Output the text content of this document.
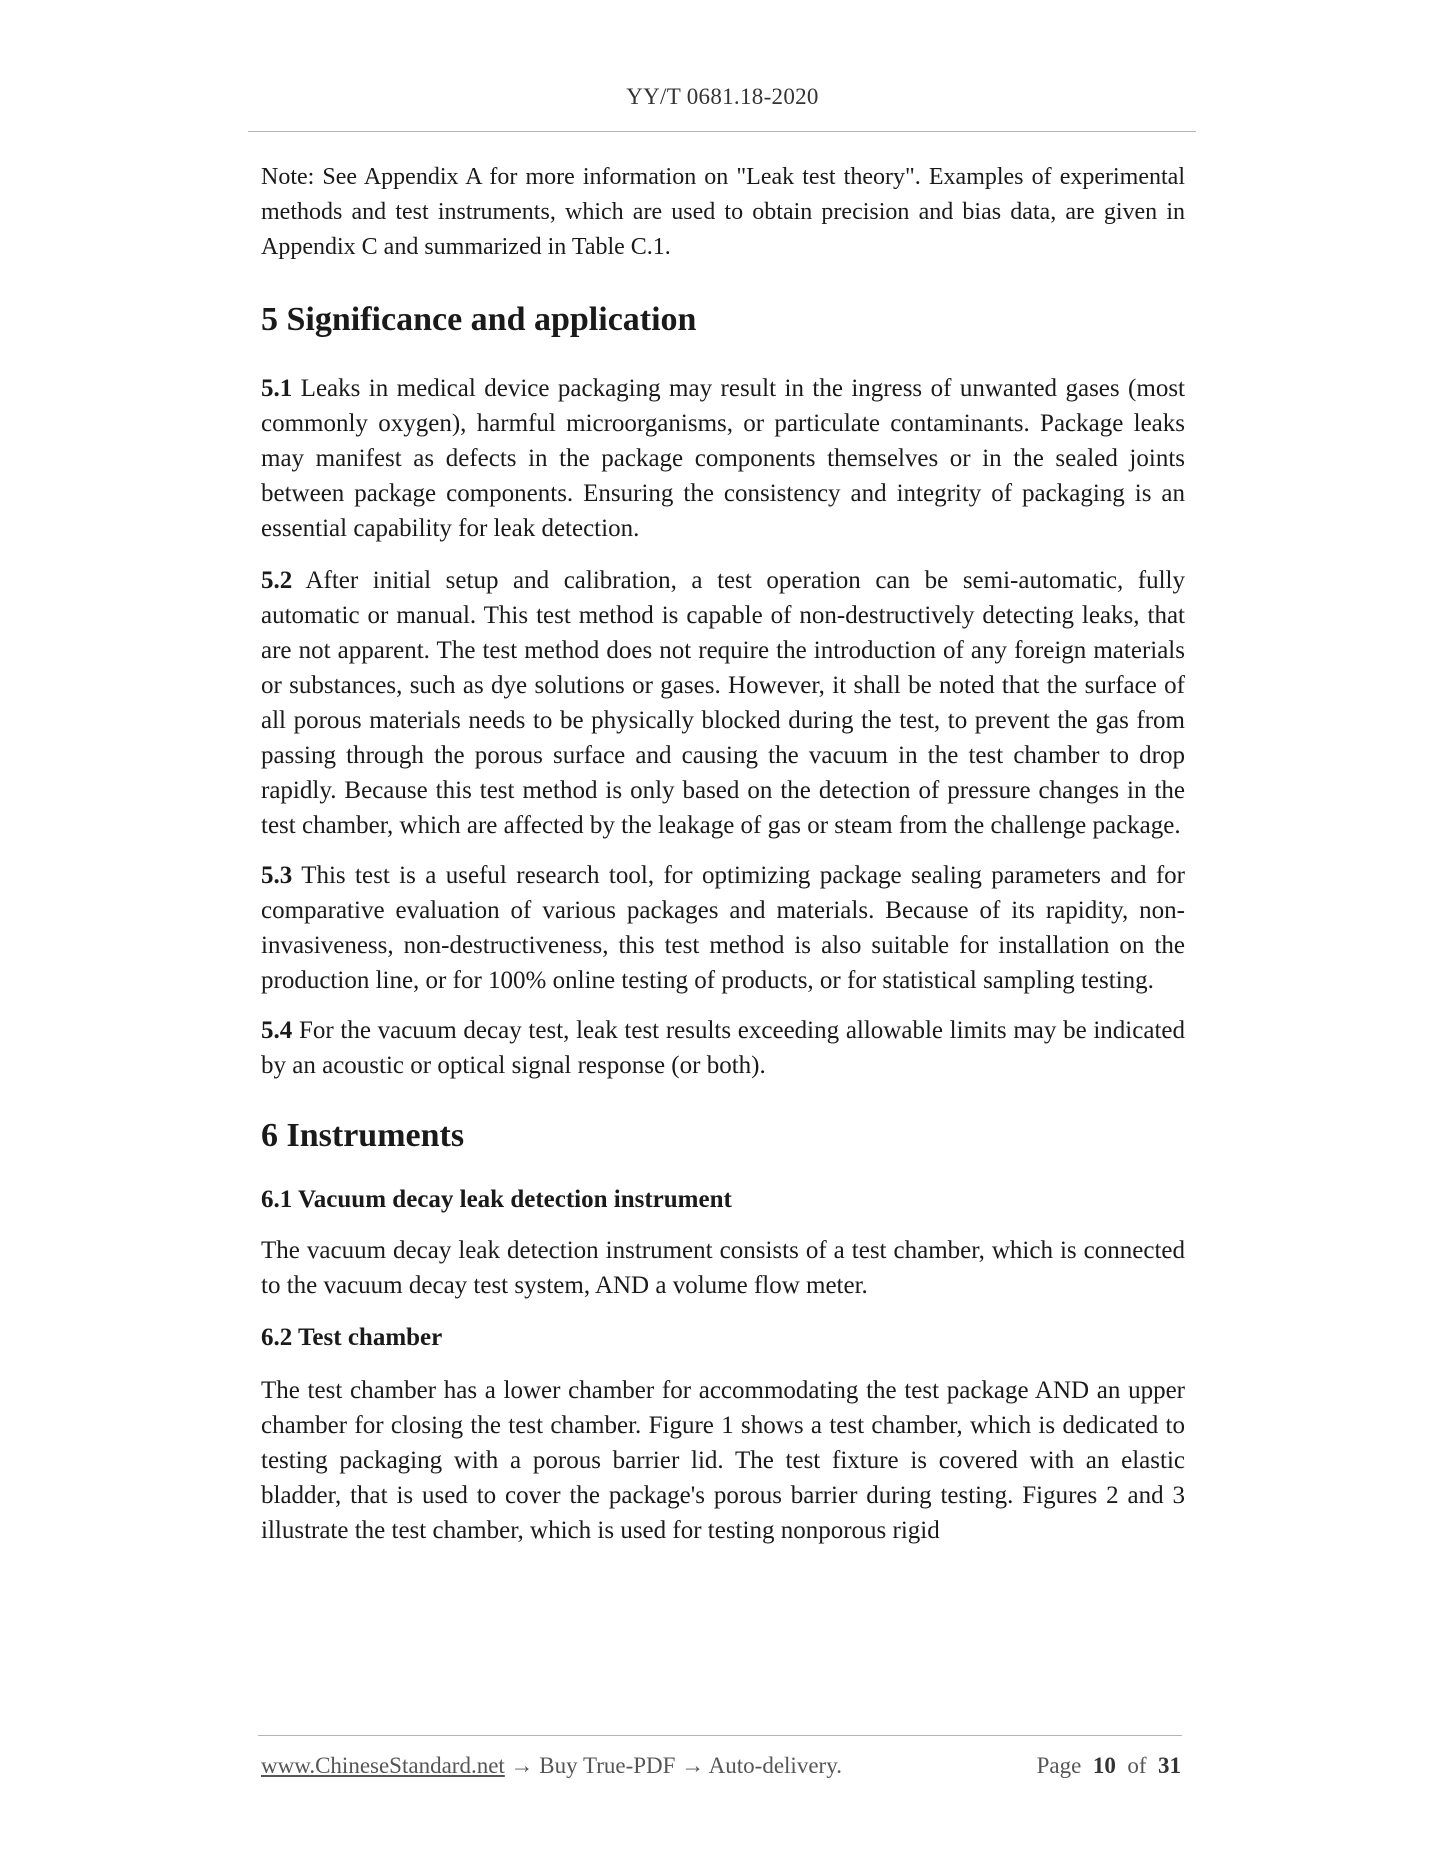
YY/T 0681.18-2020

Note: See Appendix A for more information on "Leak test theory". Examples of experimental methods and test instruments, which are used to obtain precision and bias data, are given in Appendix C and summarized in Table C.1.

5 Significance and application

5.1 Leaks in medical device packaging may result in the ingress of unwanted gases (most commonly oxygen), harmful microorganisms, or particulate contaminants. Package leaks may manifest as defects in the package components themselves or in the sealed joints between package components. Ensuring the consistency and integrity of packaging is an essential capability for leak detection.

5.2 After initial setup and calibration, a test operation can be semi-automatic, fully automatic or manual. This test method is capable of non-destructively detecting leaks, that are not apparent. The test method does not require the introduction of any foreign materials or substances, such as dye solutions or gases. However, it shall be noted that the surface of all porous materials needs to be physically blocked during the test, to prevent the gas from passing through the porous surface and causing the vacuum in the test chamber to drop rapidly. Because this test method is only based on the detection of pressure changes in the test chamber, which are affected by the leakage of gas or steam from the challenge package.

5.3 This test is a useful research tool, for optimizing package sealing parameters and for comparative evaluation of various packages and materials. Because of its rapidity, non-invasiveness, non-destructiveness, this test method is also suitable for installation on the production line, or for 100% online testing of products, or for statistical sampling testing.

5.4 For the vacuum decay test, leak test results exceeding allowable limits may be indicated by an acoustic or optical signal response (or both).

6 Instruments
6.1 Vacuum decay leak detection instrument

The vacuum decay leak detection instrument consists of a test chamber, which is connected to the vacuum decay test system, AND a volume flow meter.

6.2 Test chamber

The test chamber has a lower chamber for accommodating the test package AND an upper chamber for closing the test chamber. Figure 1 shows a test chamber, which is dedicated to testing packaging with a porous barrier lid. The test fixture is covered with an elastic bladder, that is used to cover the package's porous barrier during testing. Figures 2 and 3 illustrate the test chamber, which is used for testing nonporous rigid

www.ChineseStandard.net → Buy True-PDF → Auto-delivery.	Page 10 of 31
